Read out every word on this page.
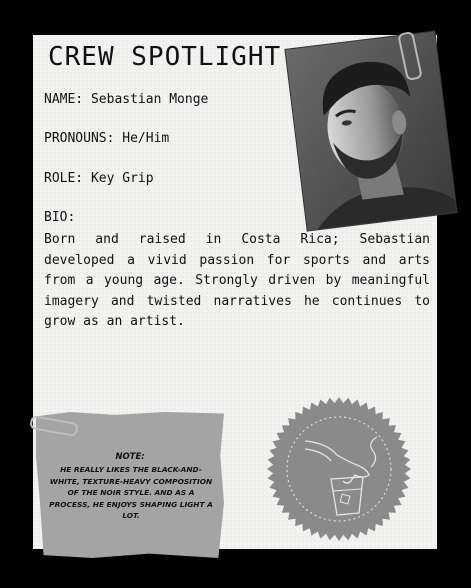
CREW SPOTLIGHT
NAME: Sebastian Monge
PRONOUNS: He/Him
ROLE: Key Grip
BIO:
Born and raised in Costa Rica; Sebastian developed a vivid passion for sports and arts from a young age. Strongly driven by meaningful imagery and twisted narratives he continues to grow as an artist.
NOTE:
HE REALLY LIKES THE BLACK-AND-WHITE, TEXTURE-HEAVY COMPOSITION OF THE NOIR STYLE. AND AS A PROCESS, HE ENJOYS SHAPING LIGHT A LOT.
